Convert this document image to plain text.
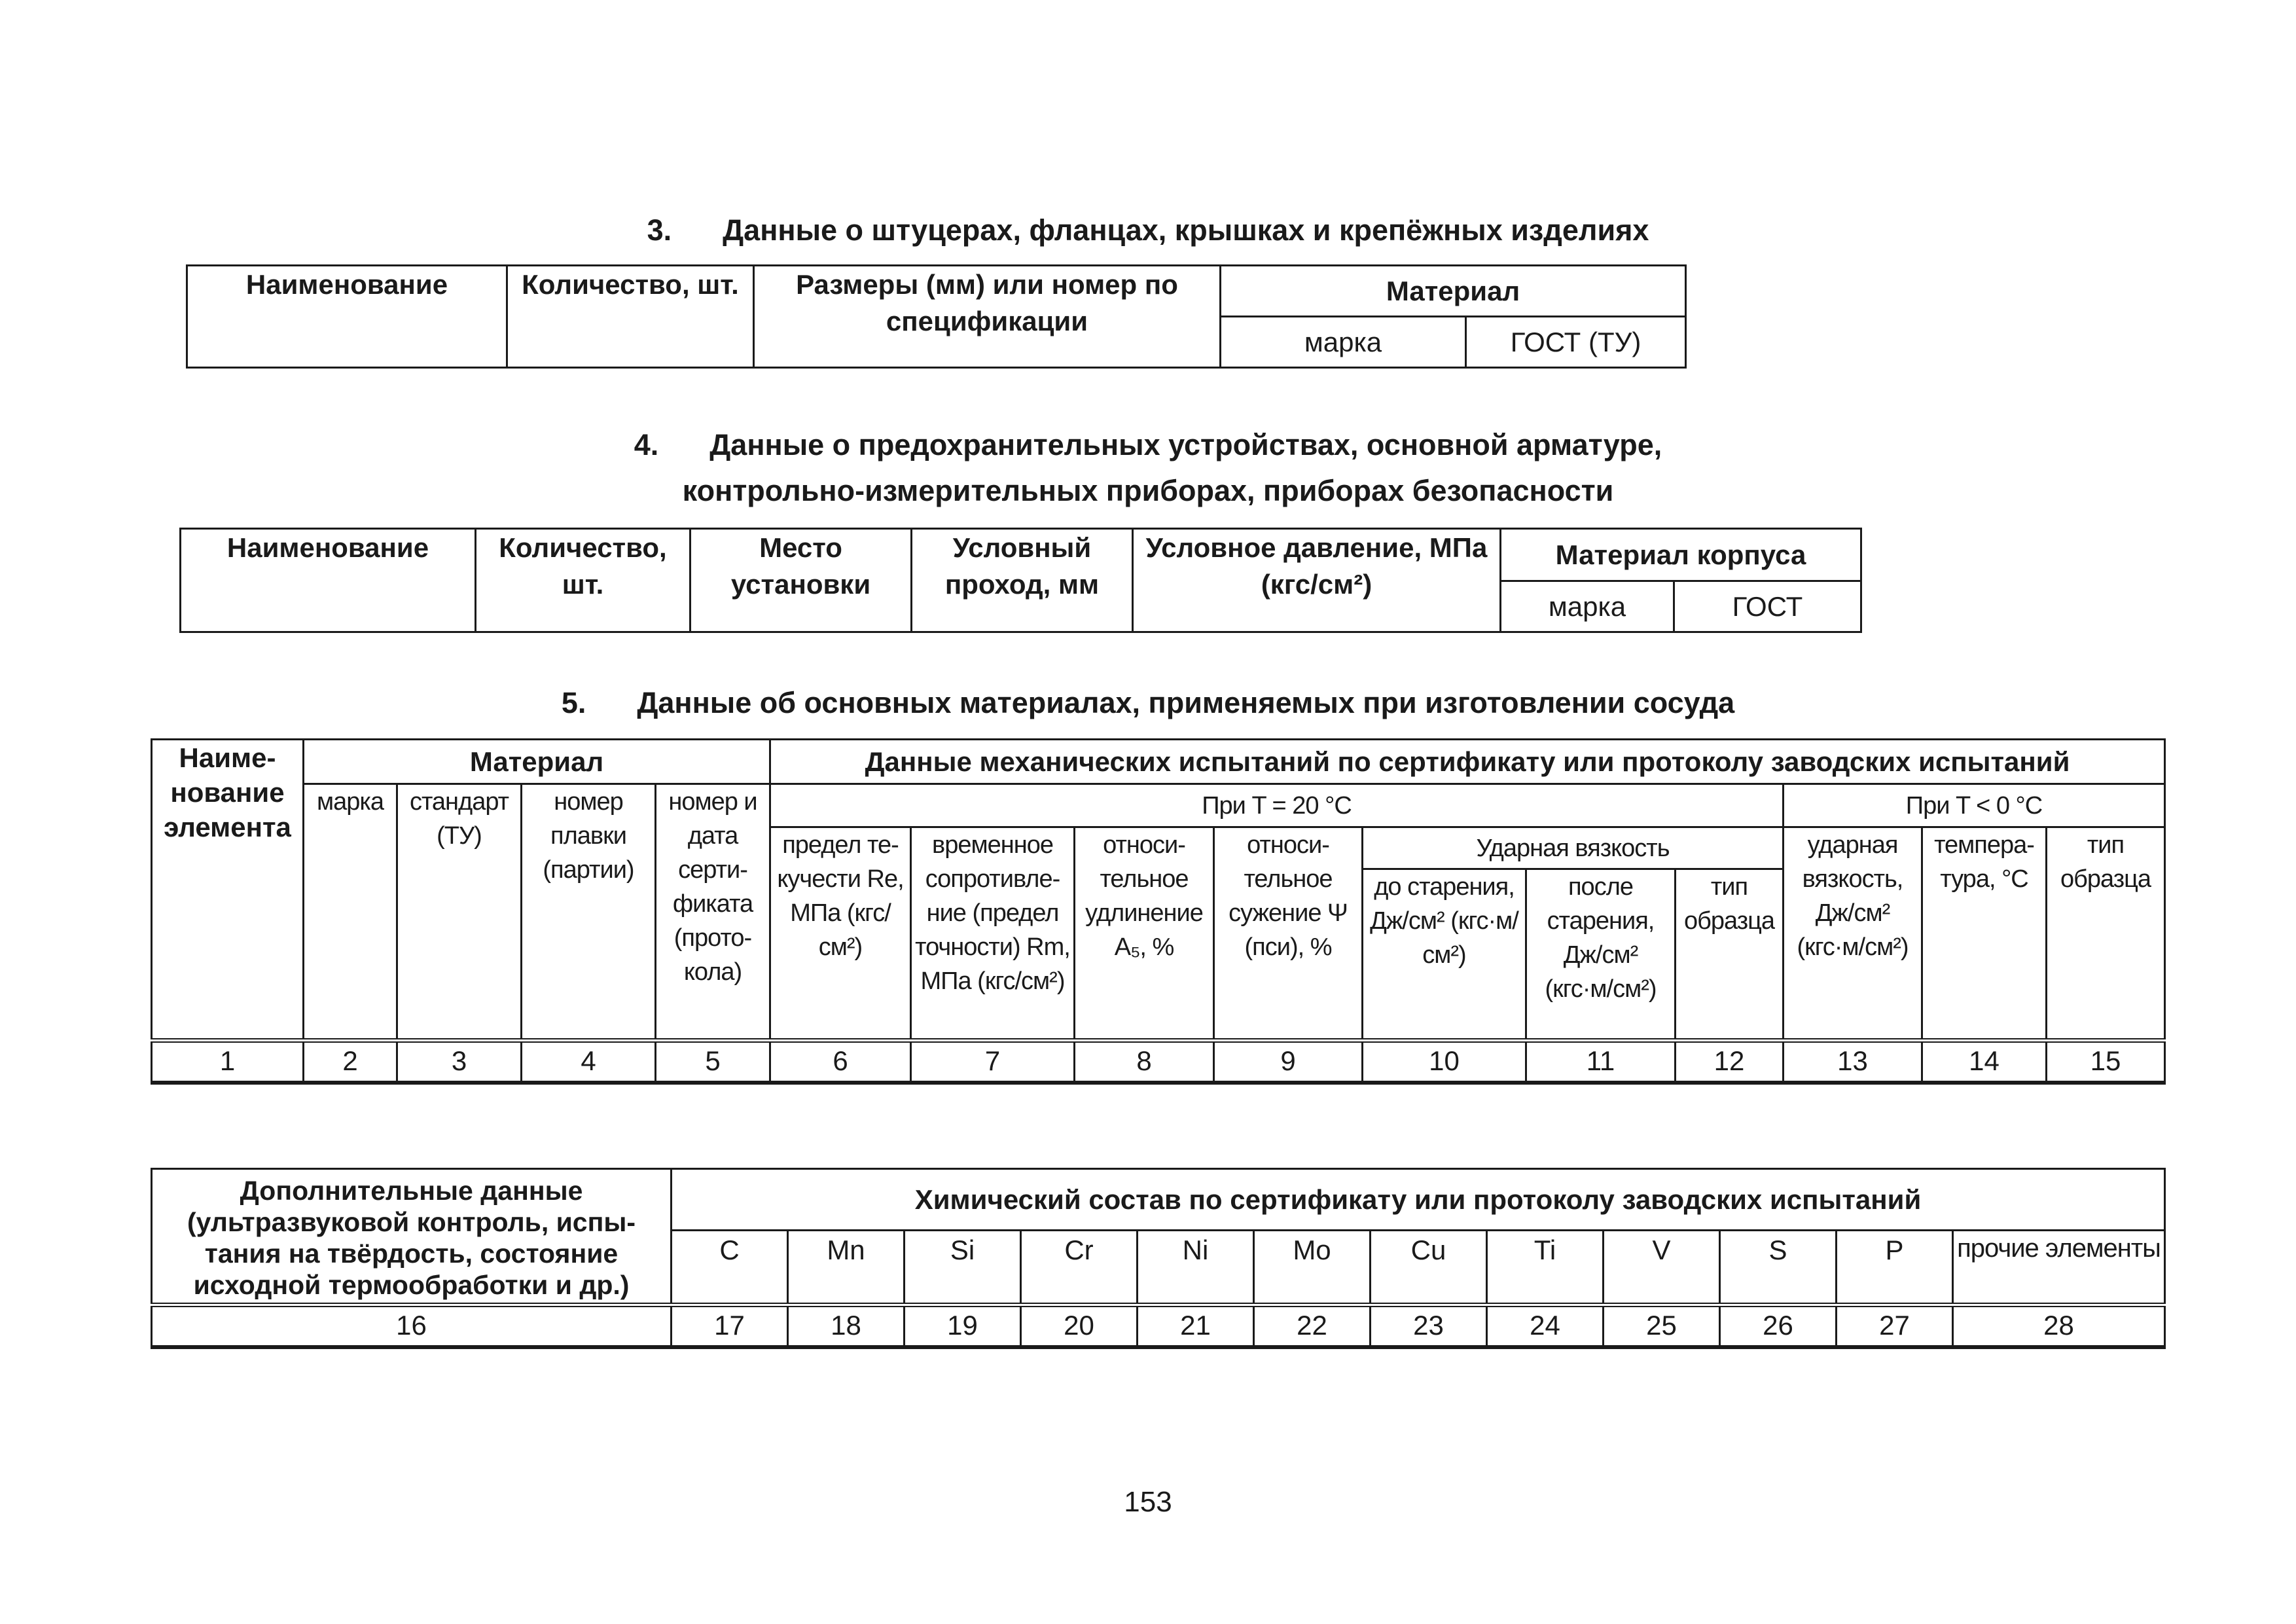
3. Данные о штуцерах, фланцах, крышках и крепёжных изделиях
Наименование	Количество, шт.	Размеры (мм) или номер по спецификации	Материал	
			марка	ГОСТ (ТУ)
4. Данные о предохранительных устройствах, основной арматуре,
контрольно-измерительных приборах, приборах безопасности
Наименование	Количество, шт.	Место установки	Условный проход, мм	Условное давление, МПа (кгс/см²)	Материал корпуса	
					марка	ГОСТ
5. Данные об основных материалах, применяемых при изготовлении сосуда
Наиме- нование элемента	Материал				Данные механических испытаний по сертификату или протоколу заводских испытаний									
	марка	стандарт (ТУ)	номер плавки (партии)	номер и дата серти- фиката (прото- кола)	При T = 20 °С							При T < 0 °С		
					предел те- кучести Re, МПа (кгс/см²)	временное сопротивле- ние (предел точности) Rm, МПа (кгс/см²)	относи- тельное удлинение A₅, %	относи- тельное сужение Ψ (пси), %	Ударная вязкость			ударная вязкость, Дж/см² (кгс·м/см²)	темпера- тура, °С	тип образца
									до старения, Дж/см² (кгс·м/см²)	после старения, Дж/см² (кгс·м/см²)	тип образца			
1	2	3	4	5	6	7	8	9	10	11	12	13	14	15
Дополнительные данные (ультразвуковой контроль, испы- тания на твёрдость, состояние исходной термообработки и др.)	Химический состав по сертификату или протоколу заводских испытаний											
	C	Mn	Si	Cr	Ni	Mo	Cu	Ti	V	S	P	прочие элементы
16	17	18	19	20	21	22	23	24	25	26	27	28
153
